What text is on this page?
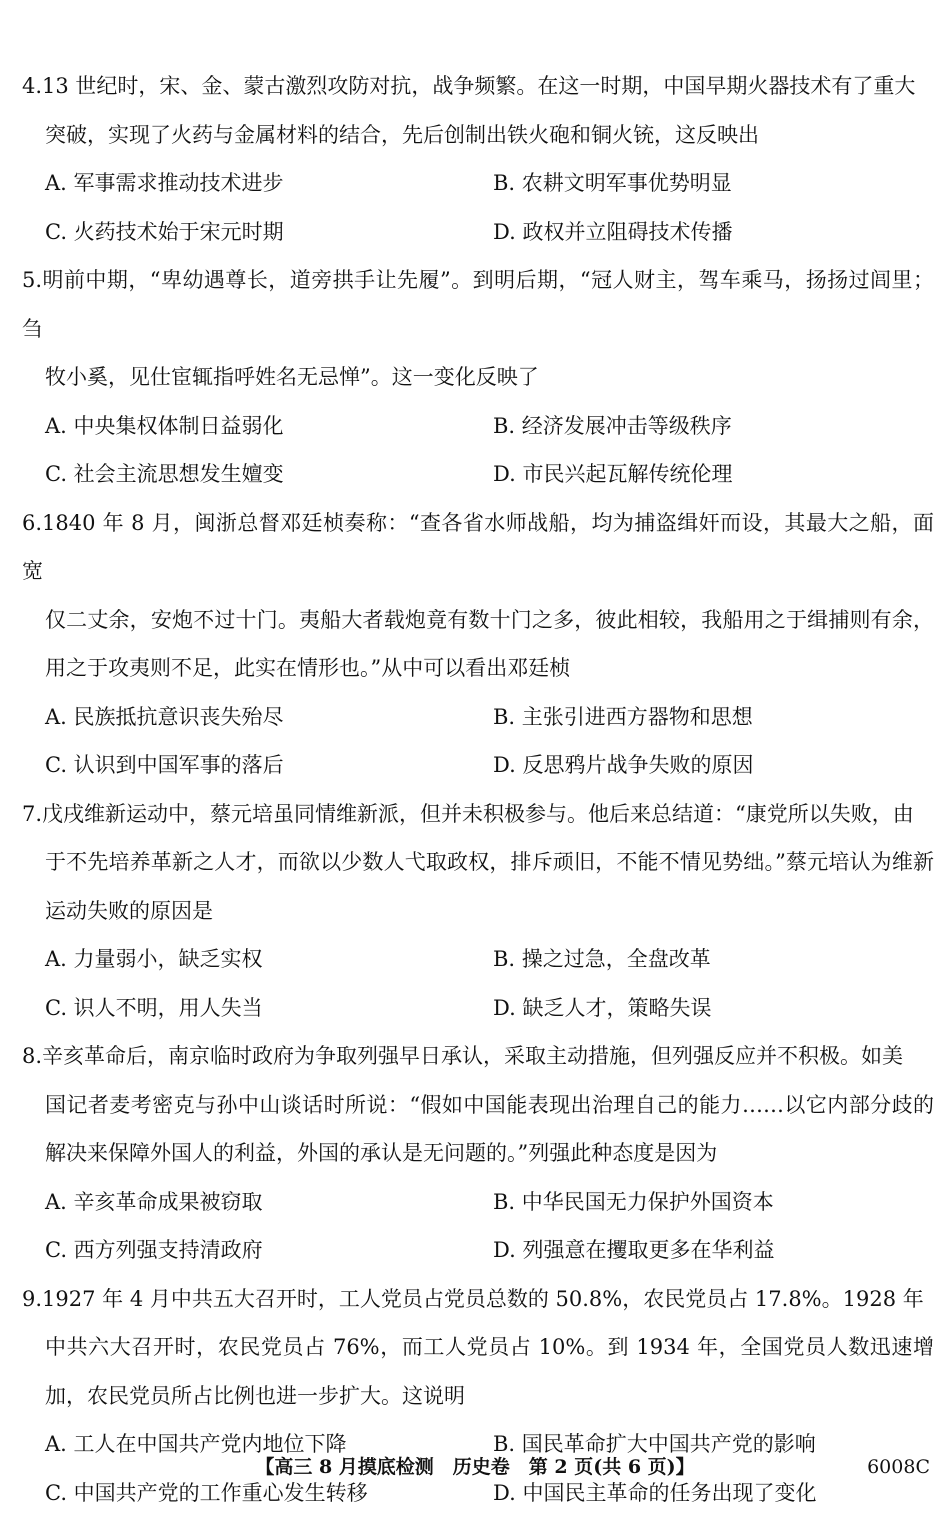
4.13 世纪时，宋、金、蒙古激烈攻防对抗，战争频繁。在这一时期，中国早期火器技术有了重大
突破，实现了火药与金属材料的结合，先后创制出铁火砲和铜火铳，这反映出

A. 军事需求推动技术进步	B. 农耕文明军事优势明显
C. 火药技术始于宋元时期	D. 政权并立阻碍技术传播

5.明前中期，“卑幼遇尊长，道旁拱手让先履”。到明后期，“冠人财主，驾车乘马，扬扬过闾里；刍
牧小奚，见仕宦辄指呼姓名无忌惮”。这一变化反映了

A. 中央集权体制日益弱化	B. 经济发展冲击等级秩序
C. 社会主流思想发生嬗变	D. 市民兴起瓦解传统伦理

6.1840 年 8 月，闽浙总督邓廷桢奏称：“查各省水师战船，均为捕盗缉奸而设，其最大之船，面宽
仅二丈余，安炮不过十门。夷船大者载炮竟有数十门之多，彼此相较，我船用之于缉捕则有余，用之于攻夷则不足，此实在情形也。”从中可以看出邓廷桢

A. 民族抵抗意识丧失殆尽	B. 主张引进西方器物和思想
C. 认识到中国军事的落后	D. 反思鸦片战争失败的原因

7.戊戌维新运动中，蔡元培虽同情维新派，但并未积极参与。他后来总结道：“康党所以失败，由
于不先培养革新之人才，而欲以少数人弋取政权，排斥顽旧，不能不情见势绌。”蔡元培认为维新运动失败的原因是

A. 力量弱小，缺乏实权	B. 操之过急，全盘改革
C. 识人不明，用人失当	D. 缺乏人才，策略失误

8.辛亥革命后，南京临时政府为争取列强早日承认，采取主动措施，但列强反应并不积极。如美
国记者麦考密克与孙中山谈话时所说：“假如中国能表现出治理自己的能力……以它内部分歧的解决来保障外国人的利益，外国的承认是无问题的。”列强此种态度是因为

A. 辛亥革命成果被窃取	B. 中华民国无力保护外国资本
C. 西方列强支持清政府	D. 列强意在攫取更多在华利益

9.1927 年 4 月中共五大召开时，工人党员占党员总数的 50.8%，农民党员占 17.8%。1928 年
中共六大召开时，农民党员占 76%，而工人党员占 10%。到 1934 年，全国党员人数迅速增加，农民党员所占比例也进一步扩大。这说明

A. 工人在中国共产党内地位下降	B. 国民革命扩大中国共产党的影响
C. 中国共产党的工作重心发生转移	D. 中国民主革命的任务出现了变化
【高三 8 月摸底检测　历史卷　第 2 页(共 6 页)】	6008C
